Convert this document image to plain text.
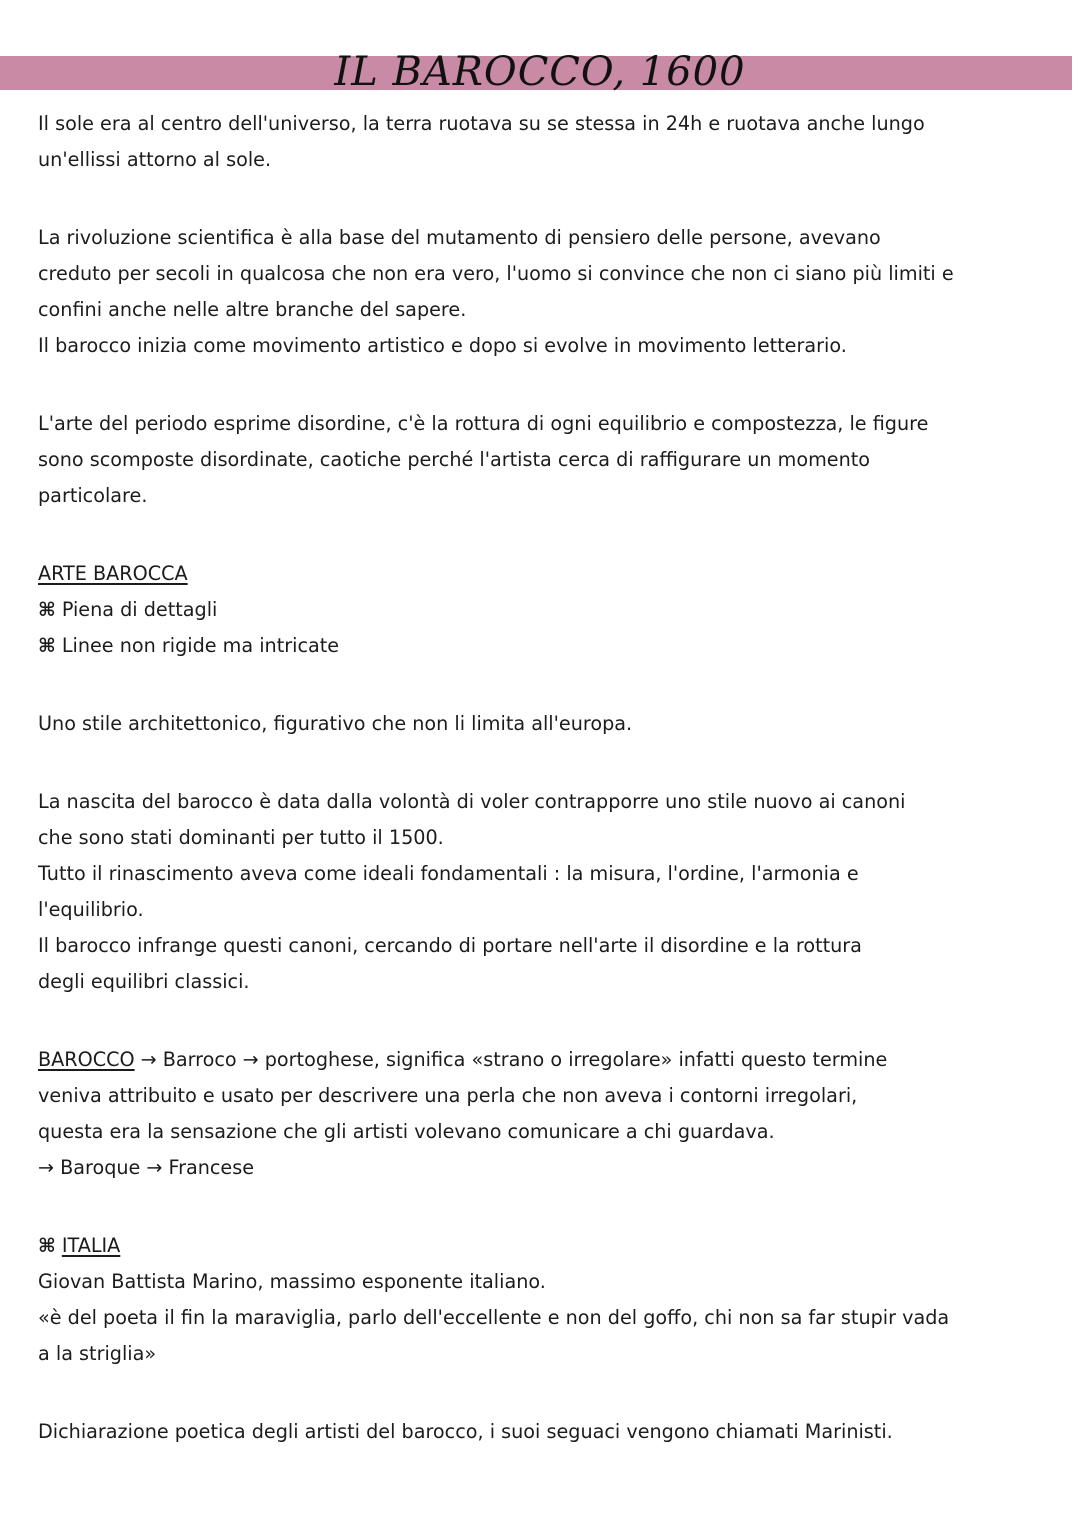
IL BAROCCO, 1600

Il sole era al centro dell'universo, la terra ruotava su se stessa in 24h e ruotava anche lungo

un'ellissi attorno al sole.

La rivoluzione scientifica è alla base del mutamento di pensiero delle persone, avevano

creduto per secoli in qualcosa che non era vero, l'uomo si convince che non ci siano più limiti e

confini anche nelle altre branche del sapere.

Il barocco inizia come movimento artistico e dopo si evolve in movimento letterario.

L'arte del periodo esprime disordine, c'è la rottura di ogni equilibrio e compostezza, le figure

sono scomposte disordinate, caotiche perché l'artista cerca di raffigurare un momento

particolare.

ARTE BAROCCA

⌘ Piena di dettagli

⌘ Linee non rigide ma intricate

Uno stile architettonico, figurativo che non li limita all'europa.

La nascita del barocco è data dalla volontà di voler contrapporre uno stile nuovo ai canoni

che sono stati dominanti per tutto il 1500.

Tutto il rinascimento aveva come ideali fondamentali : la misura, l'ordine, l'armonia e

l'equilibrio.

Il barocco infrange questi canoni, cercando di portare nell'arte il disordine e la rottura

degli equilibri classici.

BAROCCO → Barroco → portoghese, significa «strano o irregolare» infatti questo termine

veniva attribuito e usato per descrivere una perla che non aveva i contorni irregolari,

questa era la sensazione che gli artisti volevano comunicare a chi guardava.

→ Baroque → Francese

⌘ ITALIA

Giovan Battista Marino, massimo esponente italiano.

«è del poeta il fin la maraviglia, parlo dell'eccellente e non del goffo, chi non sa far stupir vada

a la striglia»

Dichiarazione poetica degli artisti del barocco, i suoi seguaci vengono chiamati Marinisti.
